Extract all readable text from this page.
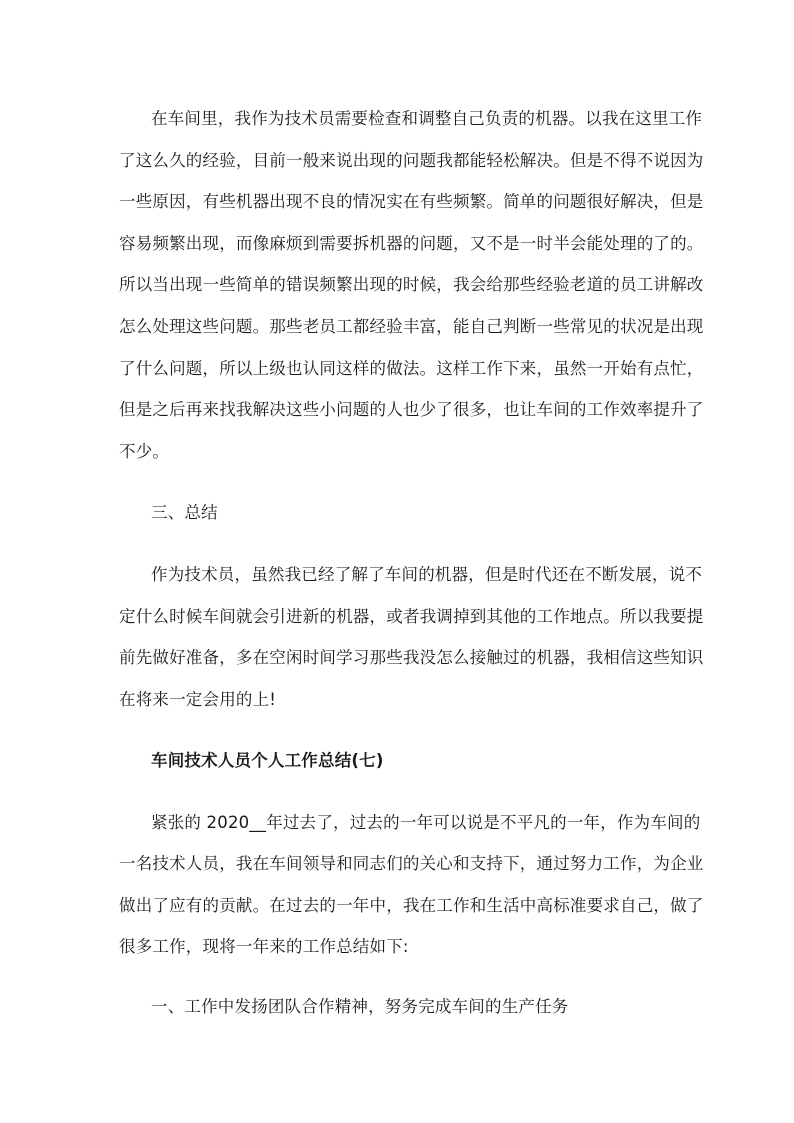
在车间里，我作为技术员需要检查和调整自己负责的机器。以我在这里工作
了这么久的经验，目前一般来说出现的问题我都能轻松解决。但是不得不说因为
一些原因，有些机器出现不良的情况实在有些频繁。简单的问题很好解决，但是
容易频繁出现，而像麻烦到需要拆机器的问题，又不是一时半会能处理的了的。
所以当出现一些简单的错误频繁出现的时候，我会给那些经验老道的员工讲解改
怎么处理这些问题。那些老员工都经验丰富，能自己判断一些常见的状况是出现
了什么问题，所以上级也认同这样的做法。这样工作下来，虽然一开始有点忙，
但是之后再来找我解决这些小问题的人也少了很多，也让车间的工作效率提升了
不少。
三、总结
作为技术员，虽然我已经了解了车间的机器，但是时代还在不断发展，说不
定什么时候车间就会引进新的机器，或者我调掉到其他的工作地点。所以我要提
前先做好准备，多在空闲时间学习那些我没怎么接触过的机器，我相信这些知识
在将来一定会用的上!
车间技术人员个人工作总结(七)
紧张的 2020__年过去了，过去的一年可以说是不平凡的一年，作为车间的
一名技术人员，我在车间领导和同志们的关心和支持下，通过努力工作，为企业
做出了应有的贡献。在过去的一年中，我在工作和生活中高标准要求自己，做了
很多工作，现将一年来的工作总结如下:
一、工作中发扬团队合作精神，努务完成车间的生产任务
